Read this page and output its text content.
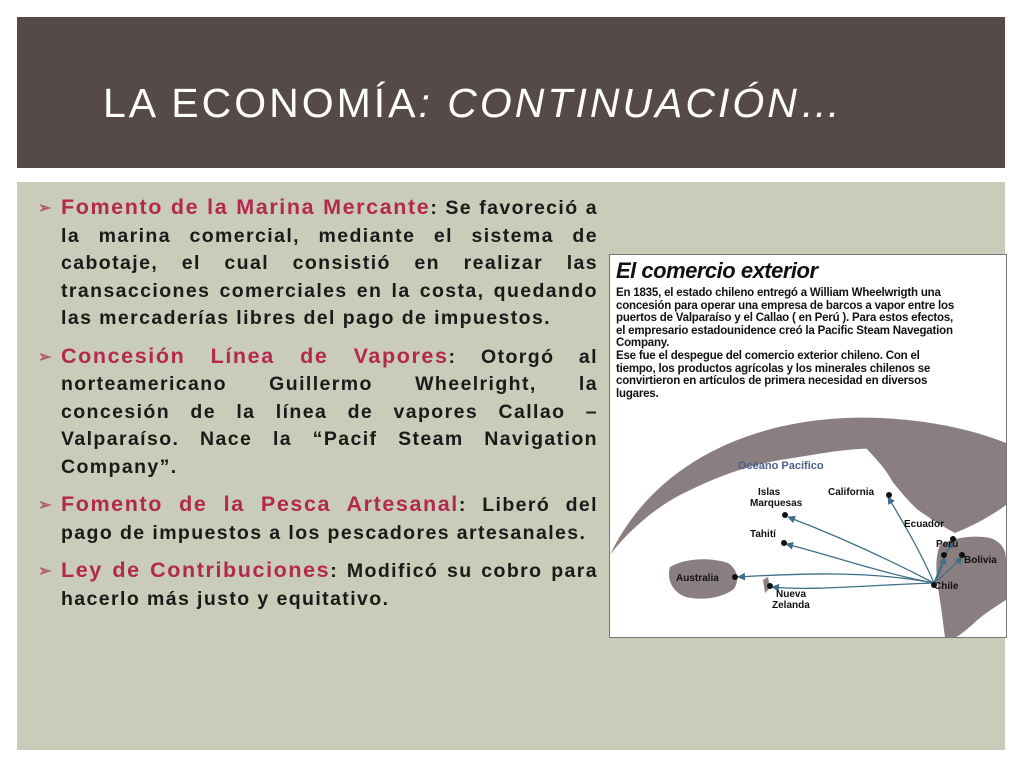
LA ECONOMÍA: CONTINUACIÓN…
➢ Fomento de la Marina Mercante: Se favoreció a la marina comercial, mediante el sistema de cabotaje, el cual consistió en realizar las transacciones comerciales en la costa, quedando las mercaderías libres del pago de impuestos.
➢ Concesión Línea de Vapores: Otorgó al norteamericano Guillermo Wheelright, la concesión de la línea de vapores Callao – Valparaíso. Nace la “Pacif Steam Navigation Company”.
➢ Fomento de la Pesca Artesanal: Liberó del pago de impuestos a los pescadores artesanales.
➢ Ley de Contribuciones: Modificó su cobro para hacerlo más justo y equitativo.
Océano Pacífico
California
Islas
Marquesas
Ecuador
Tahití
Perú
Bolivia
Australia
Chile
Nueva
Zelanda
El comercio exterior

En 1835, el estado chileno entregó a William Wheelwrigth una
concesión para operar una empresa de barcos a vapor entre los
puertos de Valparaíso y el Callao ( en Perú ). Para estos efectos,
el empresario estadounidence creó la Pacific Steam Navegation
Company.
Ese fue el despegue del comercio exterior chileno. Con el
tiempo, los productos agrícolas y los minerales chilenos se
convirtieron en artículos de primera necesidad en diversos
lugares.
